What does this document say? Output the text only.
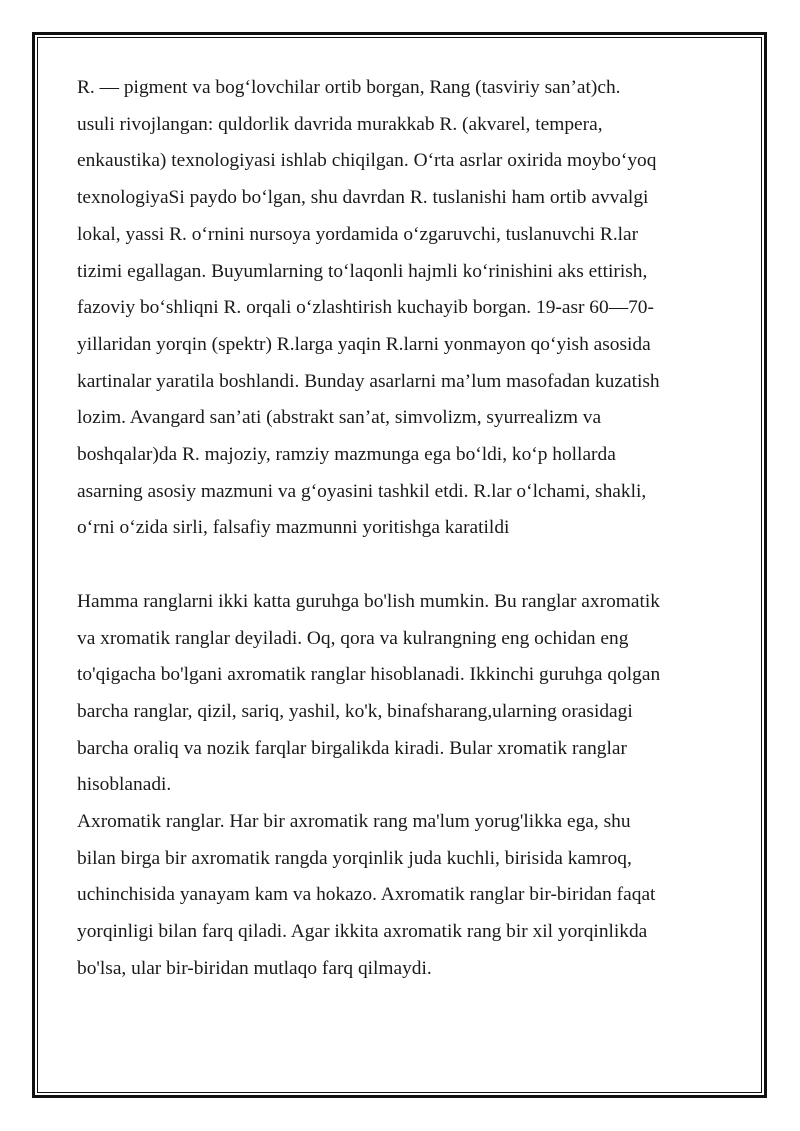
R. — pigment va bog‘lovchilar ortib borgan, Rang (tasviriy san’at)ch.
usuli rivojlangan: quldorlik davrida murakkab R. (akvarel, tempera,
enkaustika) texnologiyasi ishlab chiqilgan. O‘rta asrlar oxirida moybo‘yoq
texnologiyaSi paydo bo‘lgan, shu davrdan R. tuslanishi ham ortib avvalgi
lokal, yassi R. o‘rnini nursoya yordamida o‘zgaruvchi, tuslanuvchi R.lar
tizimi egallagan. Buyumlarning to‘laqonli hajmli ko‘rinishini aks ettirish,
fazoviy bo‘shliqni R. orqali o‘zlashtirish kuchayib borgan. 19-asr 60—70-
yillaridan yorqin (spektr) R.larga yaqin R.larni yonmayon qo‘yish asosida
kartinalar yaratila boshlandi. Bunday asarlarni ma’lum masofadan kuzatish
lozim. Avangard san’ati (abstrakt san’at, simvolizm, syurrealizm va
boshqalar)da R. majoziy, ramziy mazmunga ega bo‘ldi, ko‘p hollarda
asarning asosiy mazmuni va g‘oyasini tashkil etdi. R.lar o‘lchami, shakli,
o‘rni o‘zida sirli, falsafiy mazmunni yoritishga karatildi

Hamma ranglarni ikki katta guruhga bo'lish mumkin. Bu ranglar axromatik
va xromatik ranglar deyiladi. Oq, qora va kulrangning eng ochidan eng
to'qigacha bo'lgani axromatik ranglar hisoblanadi. Ikkinchi guruhga qolgan
barcha ranglar, qizil, sariq, yashil, ko'k, binafsharang,ularning orasidagi
barcha oraliq va nozik farqlar birgalikda kiradi. Bular xromatik ranglar
hisoblanadi.

Axromatik ranglar. Har bir axromatik rang ma'lum yorug'likka ega, shu
bilan birga bir axromatik rangda yorqinlik juda kuchli, birisida kamroq,
uchinchisida yanayam kam va hokazo. Axromatik ranglar bir-biridan faqat
yorqinligi bilan farq qiladi. Agar ikkita axromatik rang bir xil yorqinlikda
bo'lsa, ular bir-biridan mutlaqo farq qilmaydi.
